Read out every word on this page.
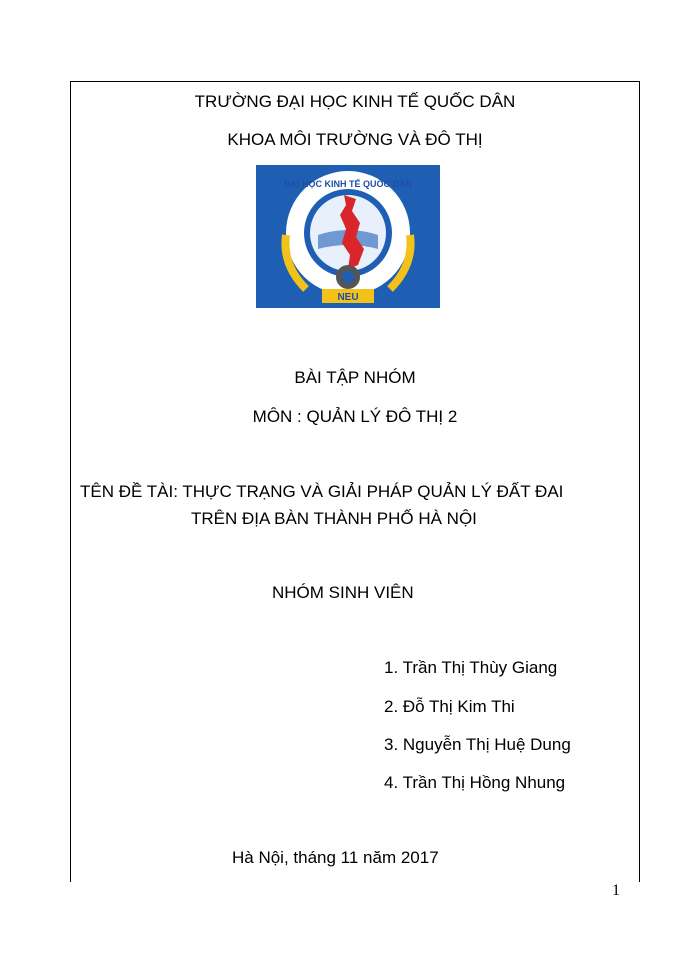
TRƯỜNG ĐẠI HỌC KINH TẾ QUỐC DÂN
KHOA MÔI TRƯỜNG VÀ ĐÔ THỊ
ĐẠI HỌC KINH TẾ QUỐC DÂN
NEU
BÀI TẬP NHÓM
MÔN : QUẢN LÝ ĐÔ THỊ 2
TÊN ĐỀ TÀI: THỰC TRẠNG VÀ GIẢI PHÁP QUẢN LÝ ĐẤT ĐAI
TRÊN ĐỊA BÀN THÀNH PHỐ HÀ NỘI
NHÓM SINH VIÊN
1. Trần Thị Thùy Giang
2. Đỗ Thị Kim Thi
3. Nguyễn Thị Huệ Dung
4. Trần Thị Hồng Nhung
Hà Nội, tháng 11 năm 2017
1
